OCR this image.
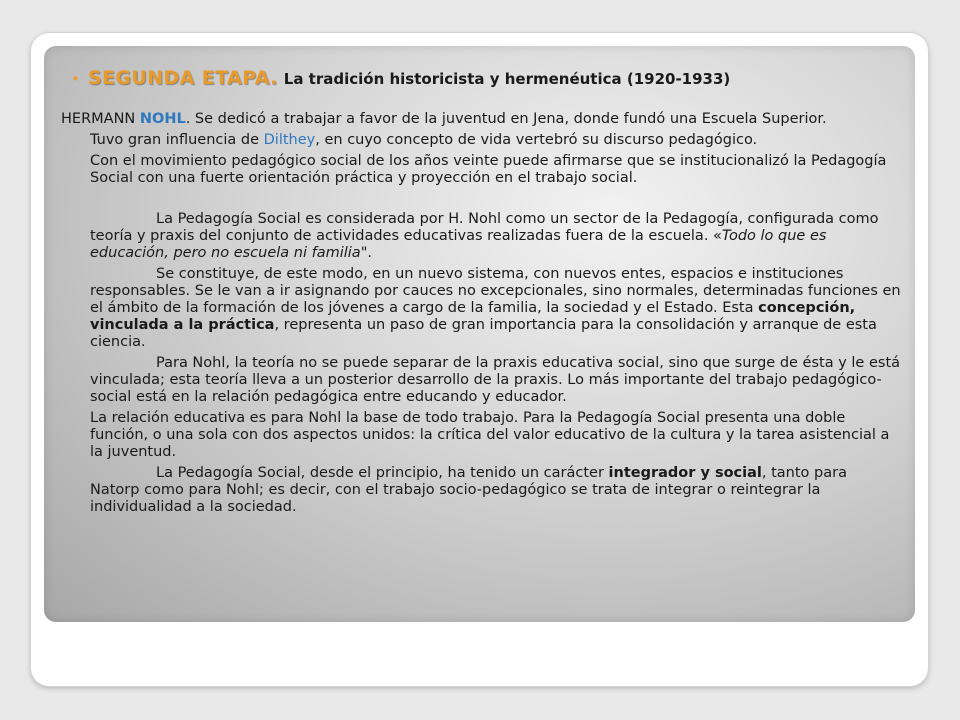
• SEGUNDA ETAPA. La tradición historicista y hermenéutica (1920-1933)

HERMANN NOHL. Se dedicó a trabajar a favor de la juventud en Jena, donde fundó una Escuela Superior.

Tuvo gran influencia de Dilthey, en cuyo concepto de vida vertebró su discurso pedagógico.

Con el movimiento pedagógico social de los años veinte puede afirmarse que se institucionalizó la Pedagogía Social con una fuerte orientación práctica y proyección en el trabajo social.

La Pedagogía Social es considerada por H. Nohl como un sector de la Pedagogía, configurada como teoría y praxis del conjunto de actividades educativas realizadas fuera de la escuela. «Todo lo que es educación, pero no escuela ni familia".

Se constituye, de este modo, en un nuevo sistema, con nuevos entes, espacios e instituciones responsables. Se le van a ir asignando por cauces no excepcionales, sino normales, determinadas funciones en el ámbito de la formación de los jóvenes a cargo de la familia, la sociedad y el Estado. Esta concepción, vinculada a la práctica, representa un paso de gran importancia para la consolidación y arranque de esta ciencia.

Para Nohl, la teoría no se puede separar de la praxis educativa social, sino que surge de ésta y le está vinculada; esta teoría lleva a un posterior desarrollo de la praxis. Lo más importante del trabajo pedagógico-social está en la relación pedagógica entre educando y educador.

La relación educativa es para Nohl la base de todo trabajo. Para la Pedagogía Social presenta una doble función, o una sola con dos aspectos unidos: la crítica del valor educativo de la cultura y la tarea asistencial a la juventud.

La Pedagogía Social, desde el principio, ha tenido un carácter integrador y social, tanto para Natorp como para Nohl; es decir, con el trabajo socio-pedagógico se trata de integrar o reintegrar la individualidad a la sociedad.
